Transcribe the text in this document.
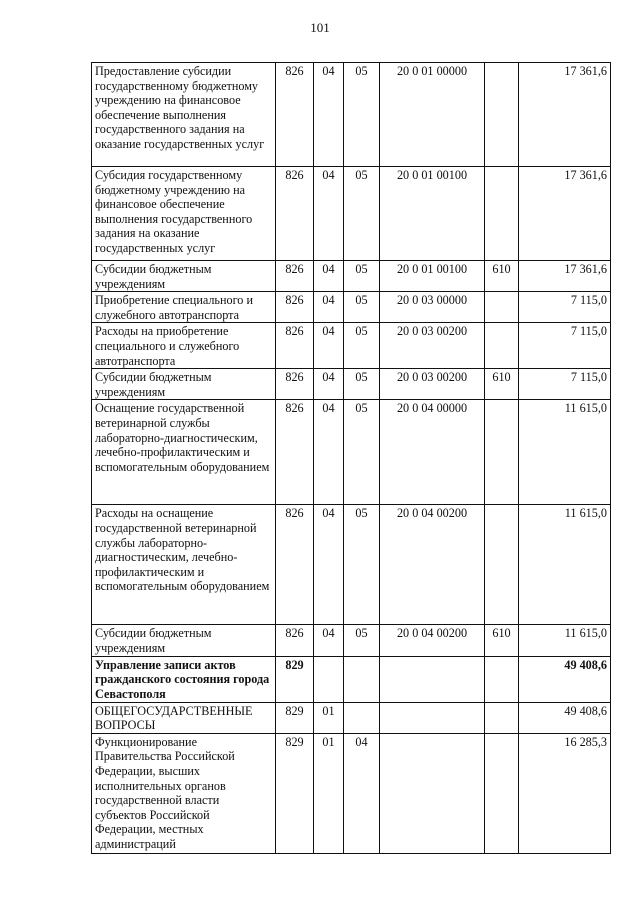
101
Предоставление субсидии государственному бюджетному учреждению на финансовое обеспечение выполнения государственного задания на оказание государственных услуг	826	04	05	20 0 01 00000		17 361,6
Субсидия государственному бюджетному учреждению на финансовое обеспечение выполнения государственного задания на оказание государственных услуг	826	04	05	20 0 01 00100		17 361,6
Субсидии бюджетным учреждениям	826	04	05	20 0 01 00100	610	17 361,6
Приобретение специального и служебного автотранспорта	826	04	05	20 0 03 00000		7 115,0
Расходы на приобретение специального и служебного автотранспорта	826	04	05	20 0 03 00200		7 115,0
Субсидии бюджетным учреждениям	826	04	05	20 0 03 00200	610	7 115,0
Оснащение государственной ветеринарной службы лабораторно-диагностическим, лечебно-профилактическим и вспомогательным оборудованием	826	04	05	20 0 04 00000		11 615,0
Расходы на оснащение государственной ветеринарной службы лабораторно-диагностическим, лечебно-профилактическим и вспомогательным оборудованием	826	04	05	20 0 04 00200		11 615,0
Субсидии бюджетным учреждениям	826	04	05	20 0 04 00200	610	11 615,0
Управление записи актов гражданского состояния города Севастополя	829					49 408,6
ОБЩЕГОСУДАРСТВЕННЫЕ ВОПРОСЫ	829	01				49 408,6
Функционирование Правительства Российской Федерации, высших исполнительных органов государственной власти субъектов Российской Федерации, местных администраций	829	01	04			16 285,3
